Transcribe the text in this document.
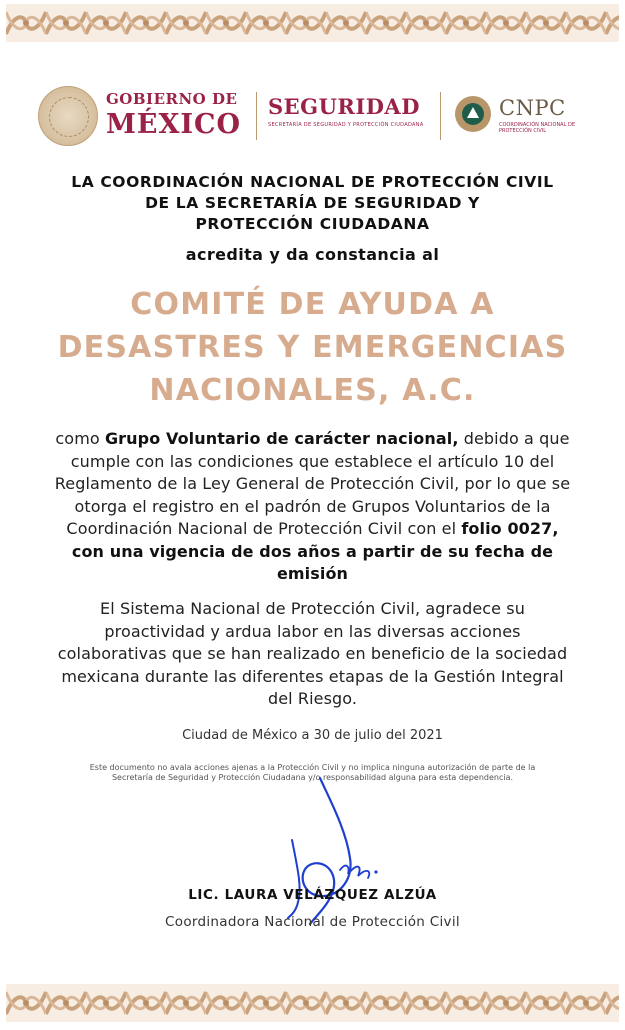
GOBIERNO DE
MÉXICO
SEGURIDAD
SECRETARÍA DE SEGURIDAD Y PROTECCIÓN CIUDADANA
CNPC
COORDINACIÓN NACIONAL DE PROTECCIÓN CIVIL
LA COORDINACIÓN NACIONAL DE PROTECCIÓN CIVIL
DE LA SECRETARÍA DE SEGURIDAD Y
PROTECCIÓN CIUDADANA
acredita y da constancia al
COMITÉ DE AYUDA A
DESASTRES Y EMERGENCIAS
NACIONALES, A.C.
como Grupo Voluntario de carácter nacional, debido a que cumple con las condiciones que establece el artículo 10 del Reglamento de la Ley General de Protección Civil, por lo que se otorga el registro en el padrón de Grupos Voluntarios de la Coordinación Nacional de Protección Civil con el folio 0027, con una vigencia de dos años a partir de su fecha de emisión
El Sistema Nacional de Protección Civil, agradece su proactividad y ardua labor en las diversas acciones colaborativas que se han realizado en beneficio de la sociedad mexicana durante las diferentes etapas de la Gestión Integral del Riesgo.
Ciudad de México a 30 de julio del 2021
Este documento no avala acciones ajenas a la Protección Civil y no implica ninguna autorización de parte de la
Secretaría de Seguridad y Protección Ciudadana y/o responsabilidad alguna para esta dependencia.
LIC. LAURA VELÁZQUEZ ALZÚA
Coordinadora Nacional de Protección Civil
